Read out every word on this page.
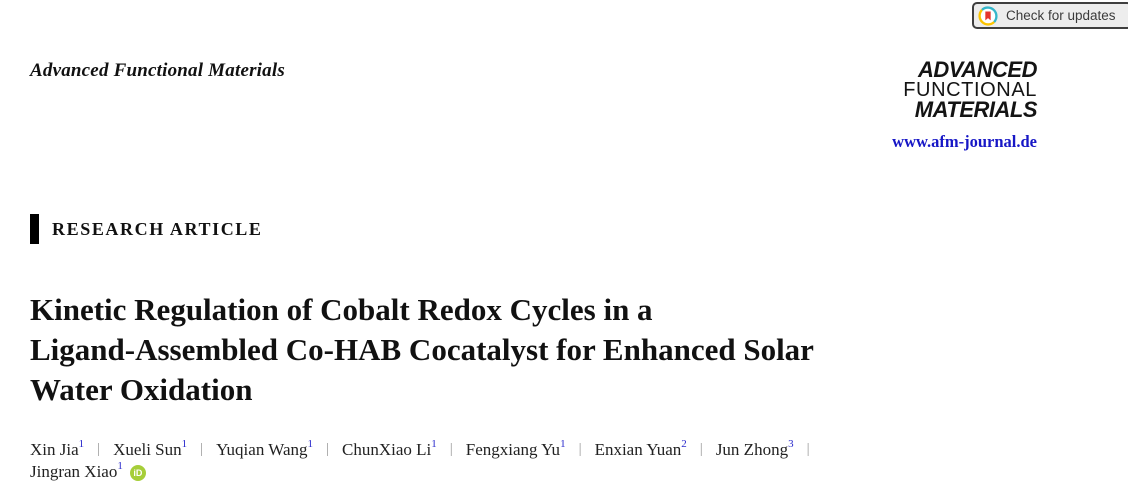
Check for updates
Advanced Functional Materials	ADVANCED
FUNCTIONAL
MATERIALS
www.afm-journal.de
RESEARCH ARTICLE
Kinetic Regulation of Cobalt Redox Cycles in a
Ligand-Assembled Co-HAB Cocatalyst for Enhanced Solar
Water Oxidation
Xin Jia$^1$ | Xueli Sun$^1$ | Yuqian Wang$^1$ | ChunXiao Li$^1$ | Fengxiang Yu$^1$ | Enxian Yuan$^2$ | Jun Zhong$^3$ |
Jingran Xiao$^1$
iD
